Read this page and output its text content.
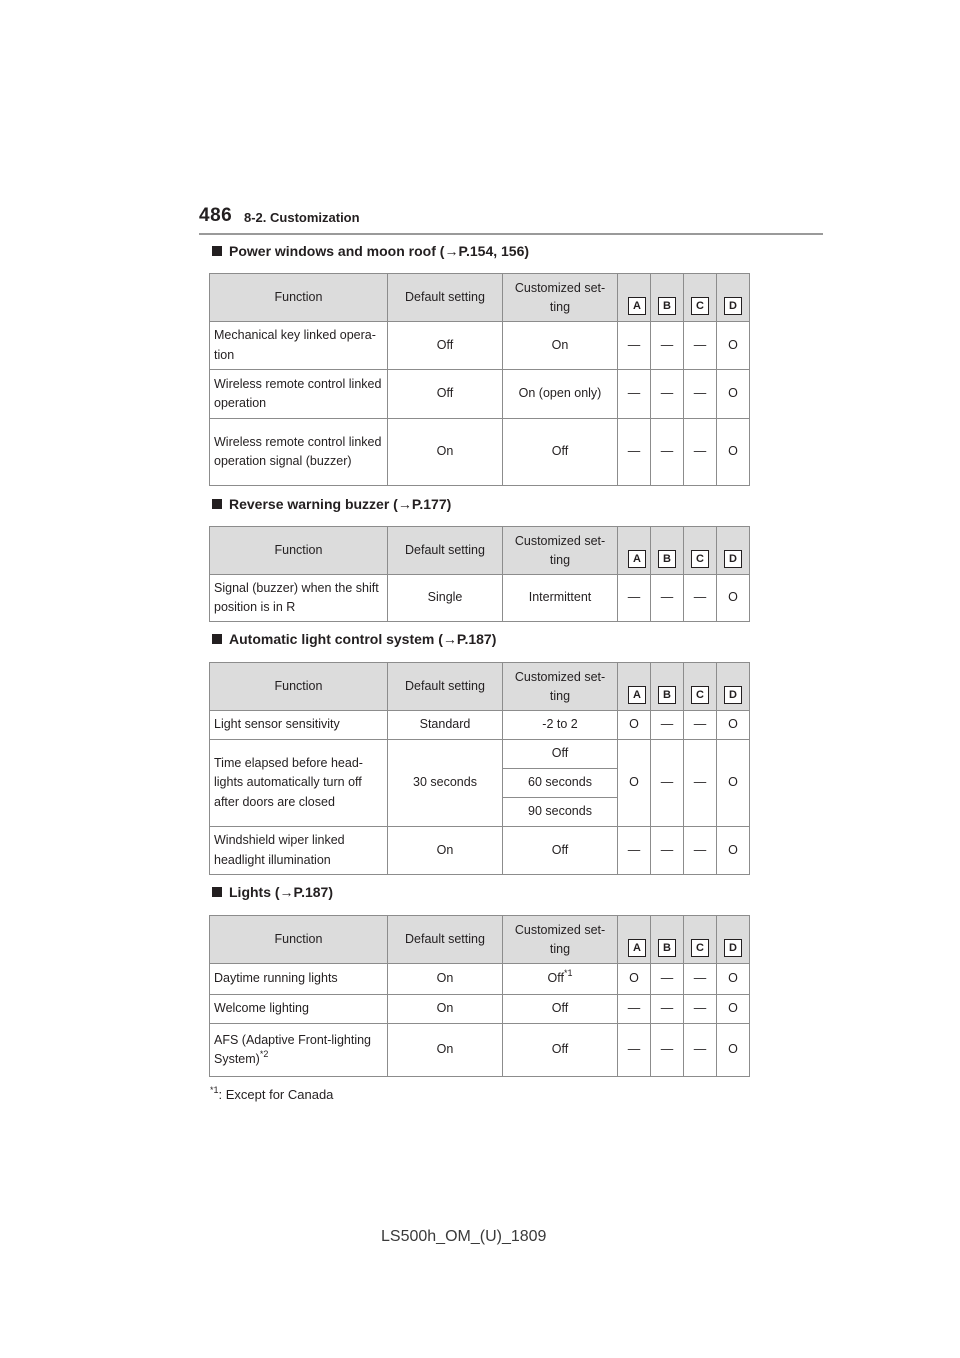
486 8-2. Customization
Power windows and moon roof (→P.154, 156)
Function	Default setting	Customized set- ting	A	B	C	D
Mechanical key linked opera- tion	Off	On	—	—	—	O
Wireless remote control linked operation	Off	On (open only)	—	—	—	O
Wireless remote control linked operation signal (buzzer)	On	Off	—	—	—	O
Reverse warning buzzer (→P.177)
Function	Default setting	Customized set- ting	A	B	C	D
Signal (buzzer) when the shift position is in R	Single	Intermittent	—	—	—	O
Automatic light control system (→P.187)
Function	Default setting	Customized set- ting	A	B	C	D
Light sensor sensitivity	Standard	-2 to 2	O	—	—	O
Time elapsed before head- lights automatically turn off after doors are closed	30 seconds	Off	O	—	—	O
		60 seconds				
		90 seconds				
Windshield wiper linked headlight illumination	On	Off	—	—	—	O
Lights (→P.187)
Function	Default setting	Customized set- ting	A	B	C	D
Daytime running lights	On	Off$^{*1}$	O	—	—	O
Welcome lighting	On	Off	—	—	—	O
AFS (Adaptive Front-lighting System)$^{*2}$	On	Off	—	—	—	O
$^{*1}$: Except for Canada
LS500h_OM_(U)_1809
